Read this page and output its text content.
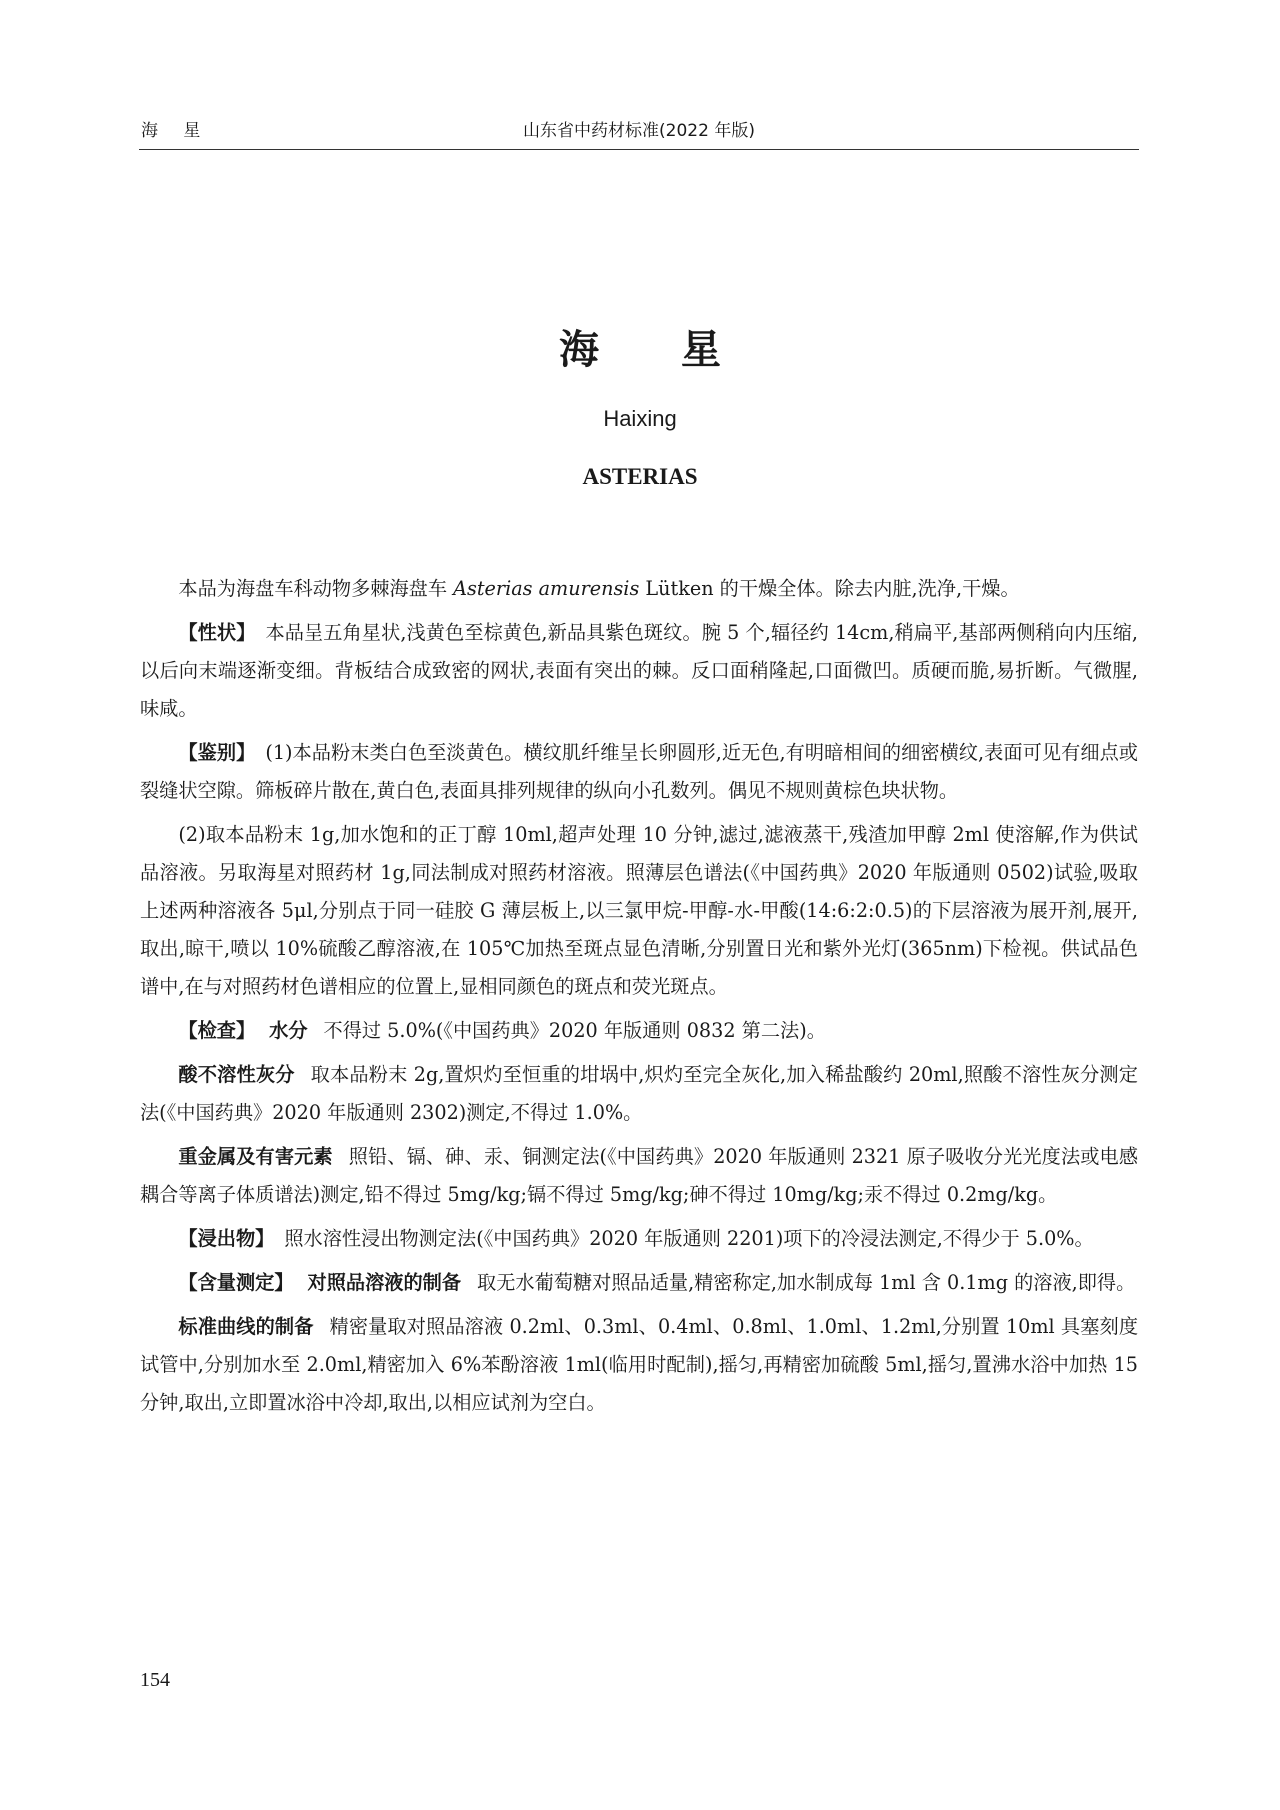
海 星	山东省中药材标准(2022 年版)
海 星
Haixing
ASTERIAS

本品为海盘车科动物多棘海盘车 Asterias amurensis Lütken 的干燥全体。除去内脏,洗净,干燥。

【性状】 本品呈五角星状,浅黄色至棕黄色,新品具紫色斑纹。腕 5 个,辐径约 14cm,稍扁平,基部两侧稍向内压缩,以后向末端逐渐变细。背板结合成致密的网状,表面有突出的棘。反口面稍隆起,口面微凹。质硬而脆,易折断。气微腥,味咸。

【鉴别】 (1)本品粉末类白色至淡黄色。横纹肌纤维呈长卵圆形,近无色,有明暗相间的细密横纹,表面可见有细点或裂缝状空隙。筛板碎片散在,黄白色,表面具排列规律的纵向小孔数列。偶见不规则黄棕色块状物。

(2)取本品粉末 1g,加水饱和的正丁醇 10ml,超声处理 10 分钟,滤过,滤液蒸干,残渣加甲醇 2ml 使溶解,作为供试品溶液。另取海星对照药材 1g,同法制成对照药材溶液。照薄层色谱法(《中国药典》2020 年版通则 0502)试验,吸取上述两种溶液各 5μl,分别点于同一硅胶 G 薄层板上,以三氯甲烷-甲醇-水-甲酸(14:6:2:0.5)的下层溶液为展开剂,展开,取出,晾干,喷以 10%硫酸乙醇溶液,在 105℃加热至斑点显色清晰,分别置日光和紫外光灯(365nm)下检视。供试品色谱中,在与对照药材色谱相应的位置上,显相同颜色的斑点和荧光斑点。

【检查】 水分 不得过 5.0%(《中国药典》2020 年版通则 0832 第二法)。

酸不溶性灰分 取本品粉末 2g,置炽灼至恒重的坩埚中,炽灼至完全灰化,加入稀盐酸约 20ml,照酸不溶性灰分测定法(《中国药典》2020 年版通则 2302)测定,不得过 1.0%。

重金属及有害元素 照铅、镉、砷、汞、铜测定法(《中国药典》2020 年版通则 2321 原子吸收分光光度法或电感耦合等离子体质谱法)测定,铅不得过 5mg/kg;镉不得过 5mg/kg;砷不得过 10mg/kg;汞不得过 0.2mg/kg。

【浸出物】 照水溶性浸出物测定法(《中国药典》2020 年版通则 2201)项下的冷浸法测定,不得少于 5.0%。

【含量测定】 对照品溶液的制备 取无水葡萄糖对照品适量,精密称定,加水制成每 1ml 含 0.1mg 的溶液,即得。

标准曲线的制备 精密量取对照品溶液 0.2ml、0.3ml、0.4ml、0.8ml、1.0ml、1.2ml,分别置 10ml 具塞刻度试管中,分别加水至 2.0ml,精密加入 6%苯酚溶液 1ml(临用时配制),摇匀,再精密加硫酸 5ml,摇匀,置沸水浴中加热 15 分钟,取出,立即置冰浴中冷却,取出,以相应试剂为空白。

154
